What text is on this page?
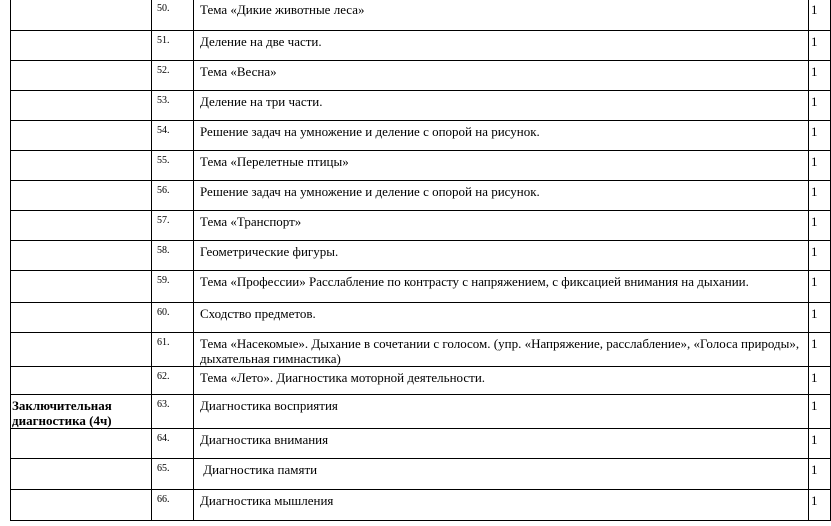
	50.	Тема «Дикие животные леса»	1
	51.	Деление на две части.	1
	52.	Тема «Весна»	1
	53.	Деление на три части.	1
	54.	Решение задач на умножение и деление с опорой на рисунок.	1
	55.	Тема «Перелетные птицы»	1
	56.	Решение задач на умножение и деление с опорой на рисунок.	1
	57.	Тема «Транспорт»	1
	58.	Геометрические фигуры.	1
	59.	Тема «Профессии» Расслабление по контрасту с напряжением, с фиксацией внимания на дыхании.	1
	60.	Сходство предметов.	1
	61.	Тема «Насекомые». Дыхание в сочетании с голосом. (упр. «Напряжение, расслабление», «Голоса природы», дыхательная гимнастика)	1
	62.	Тема «Лето». Диагностика моторной деятельности.	1
Заключительная диагностика (4ч)	63.	Диагностика восприятия	1
	64.	Диагностика внимания	1
	65.	Диагностика памяти	1
	66.	Диагностика мышления	1
